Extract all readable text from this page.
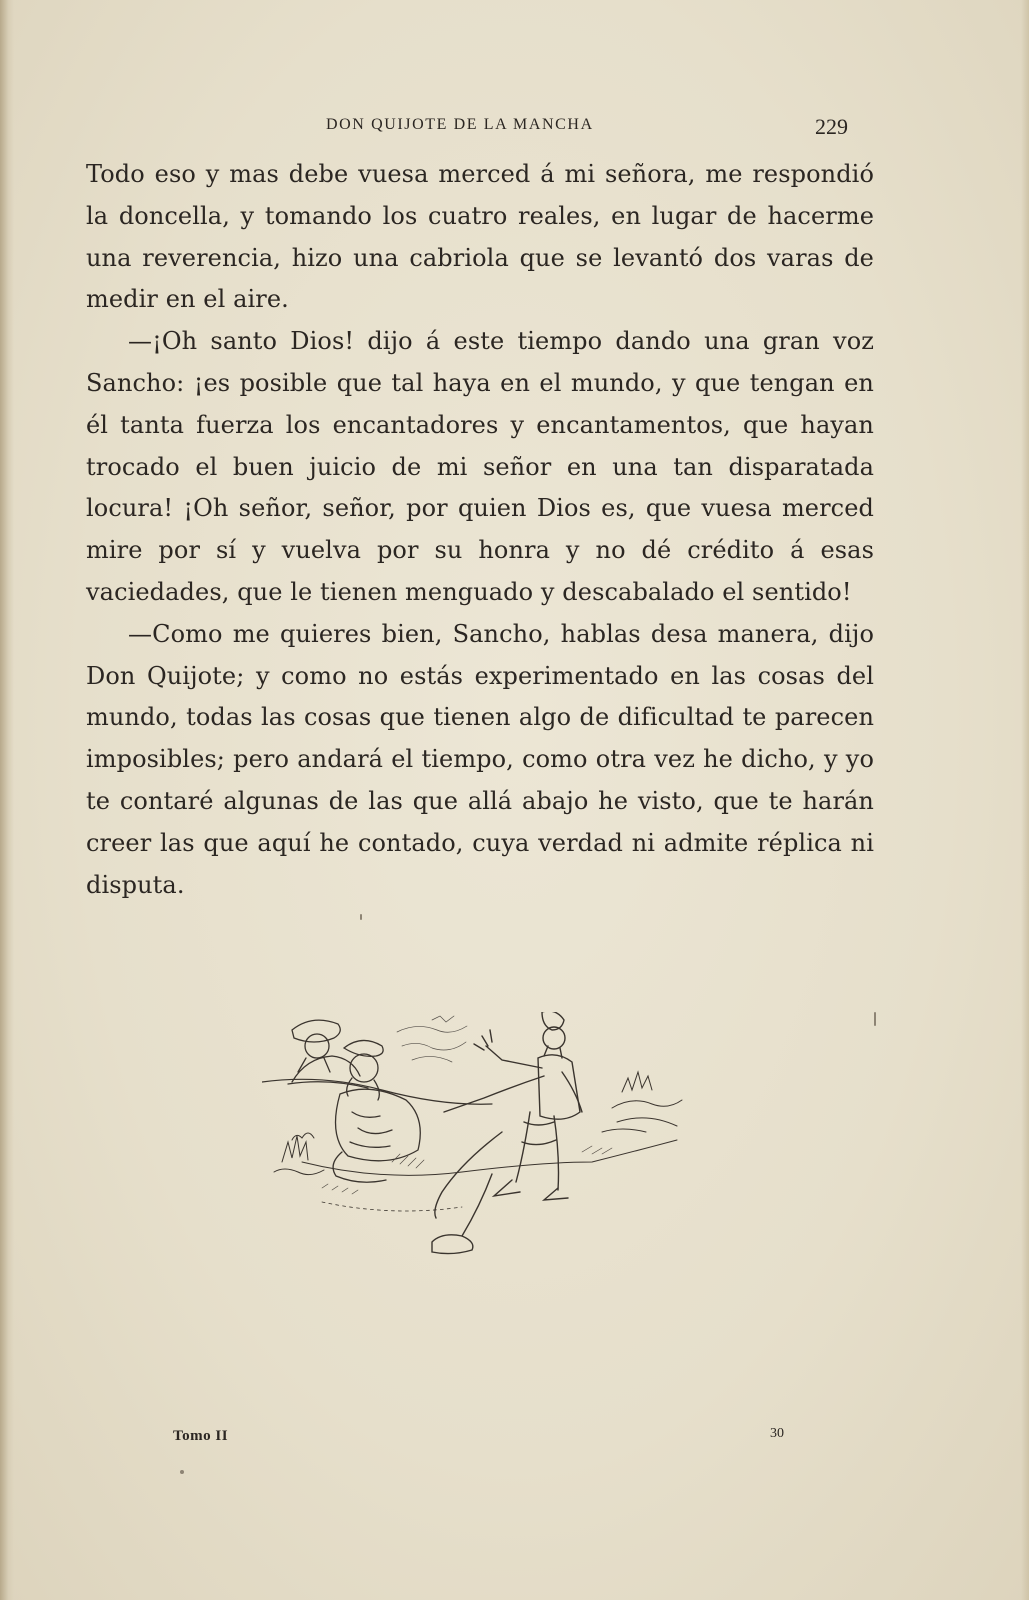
DON QUIJOTE DE LA MANCHA	229

Todo eso y mas debe vuesa merced á mi señora, me respondió la doncella, y tomando los cuatro reales, en lugar de hacerme una reverencia, hizo una cabriola que se levantó dos varas de medir en el aire.

—¡Oh santo Dios! dijo á este tiempo dando una gran voz Sancho: ¡es posible que tal haya en el mundo, y que tengan en él tanta fuerza los encantadores y encantamentos, que hayan trocado el buen juicio de mi señor en una tan disparatada locura! ¡Oh señor, señor, por quien Dios es, que vuesa merced mire por sí y vuelva por su honra y no dé crédito á esas vaciedades, que le tienen menguado y descabalado el sentido!

—Como me quieres bien, Sancho, hablas desa manera, dijo Don Quijote; y como no estás experimentado en las cosas del mundo, todas las cosas que tienen algo de dificultad te parecen imposibles; pero andará el tiempo, como otra vez he dicho, y yo te contaré algunas de las que allá abajo he visto, que te harán creer las que aquí he contado, cuya verdad ni admite réplica ni disputa.

Tomo II	30
